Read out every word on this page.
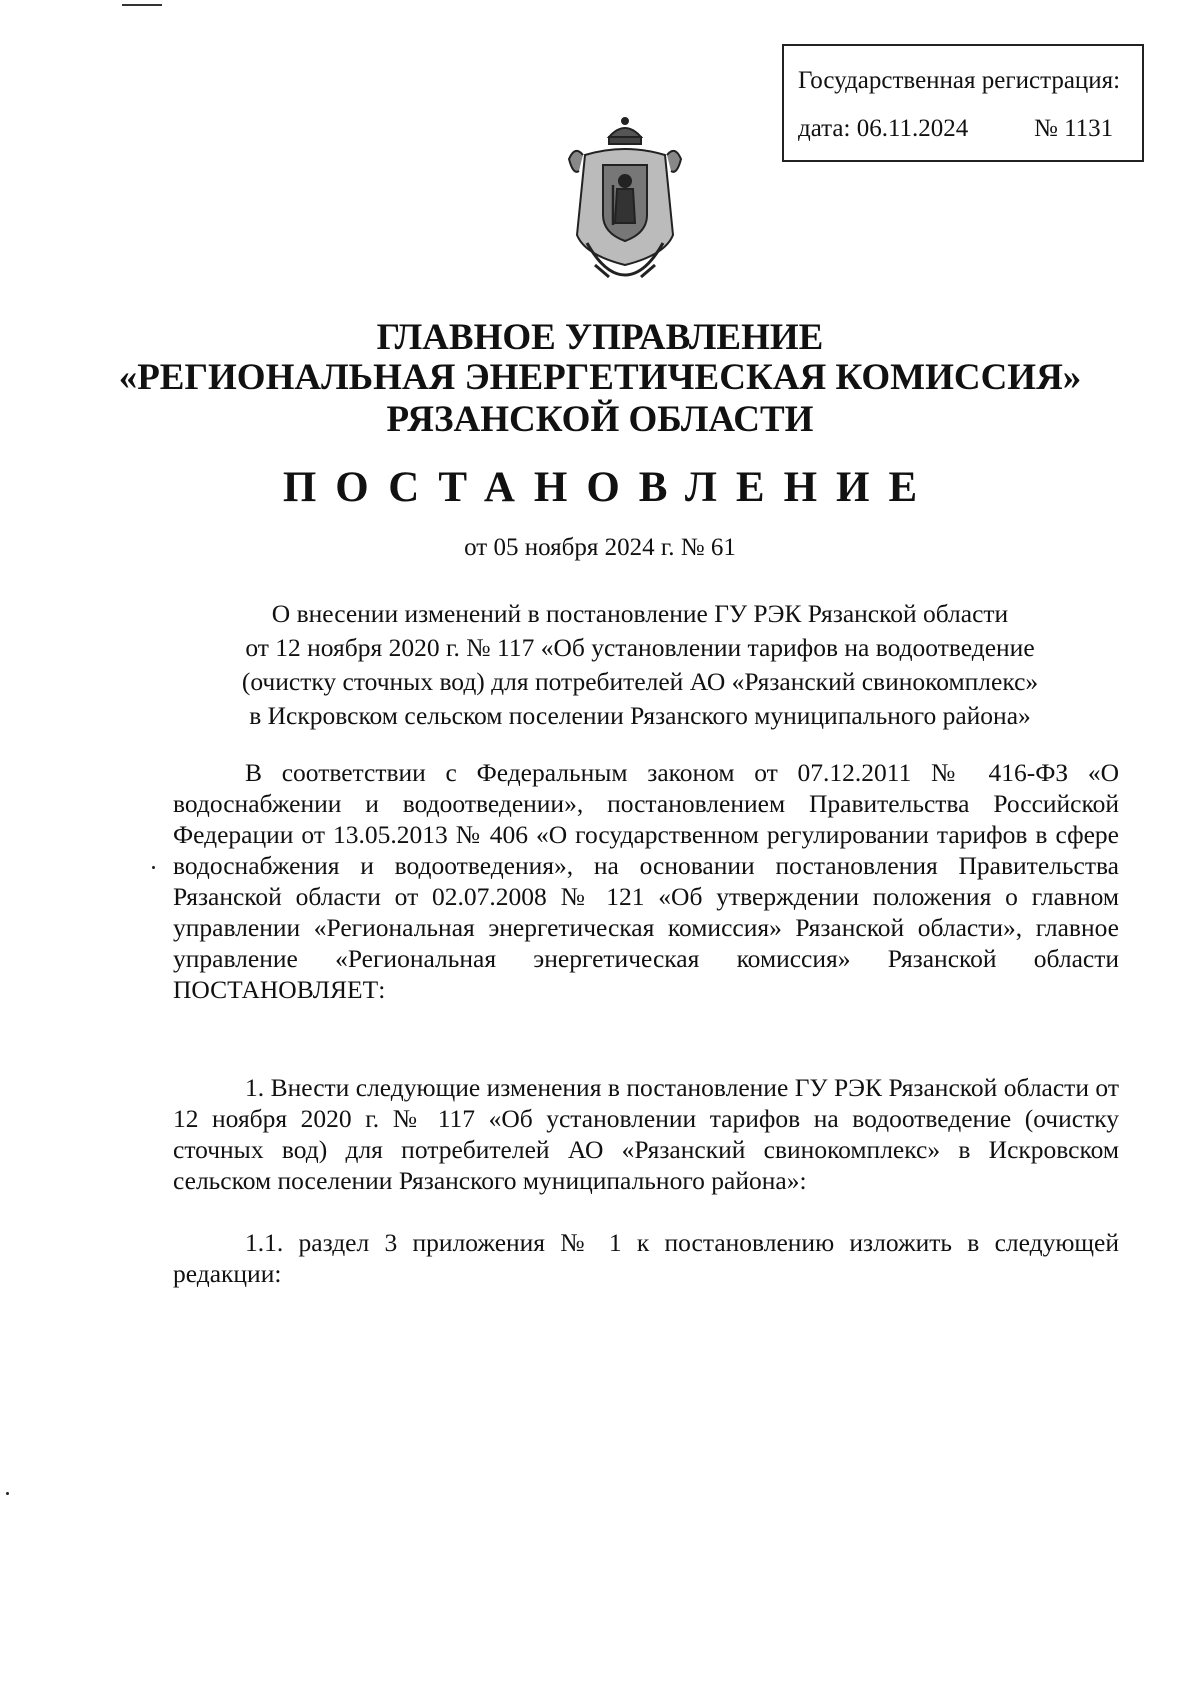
Государственная регистрация:
дата: 06.11.2024	№ 1131
ГЛАВНОЕ УПРАВЛЕНИЕ
«РЕГИОНАЛЬНАЯ ЭНЕРГЕТИЧЕСКАЯ КОМИССИЯ»
РЯЗАНСКОЙ ОБЛАСТИ
ПОСТАНОВЛЕНИЕ
от 05 ноября 2024 г. № 61
О внесении изменений в постановление ГУ РЭК Рязанской области
от 12 ноября 2020 г. № 117 «Об установлении тарифов на водоотведение
(очистку сточных вод) для потребителей АО «Рязанский свинокомплекс»
в Искровском сельском поселении Рязанского муниципального района»

В соответствии с Федеральным законом от 07.12.2011 № 416-ФЗ «О водоснабжении и водоотведении», постановлением Правительства Российской Федерации от 13.05.2013 № 406 «О государственном регулировании тарифов в сфере водоснабжения и водоотведения», на основании постановления Правительства Рязанской области от 02.07.2008 № 121 «Об утверждении положения о главном управлении «Региональная энергетическая комиссия» Рязанской области», главное управление «Региональная энергетическая комиссия» Рязанской области ПОСТАНОВЛЯЕТ:

1. Внести следующие изменения в постановление ГУ РЭК Рязанской области от 12 ноября 2020 г. № 117 «Об установлении тарифов на водоотведение (очистку сточных вод) для потребителей АО «Рязанский свинокомплекс» в Искровском сельском поселении Рязанского муниципального района»:

1.1. раздел 3 приложения № 1 к постановлению изложить в следующей редакции:
